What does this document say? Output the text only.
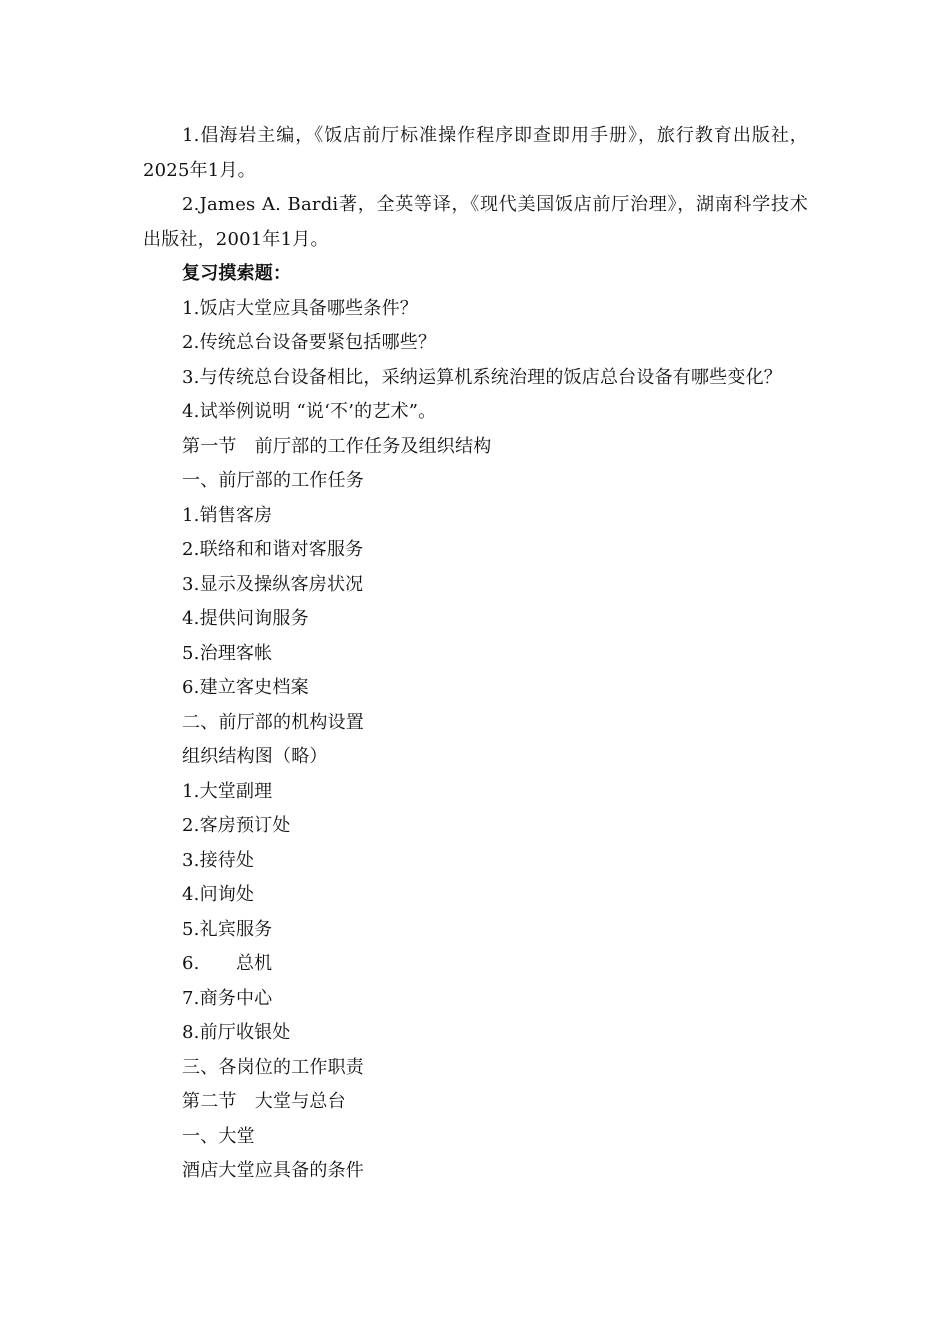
1.倡海岩主编，《饭店前厅标准操作程序即查即用手册》，旅行教育出版社，2025年1月。

2.James A. Bardi著，全英等译，《现代美国饭店前厅治理》，湖南科学技术出版社，2001年1月。

复习摸索题：

1.饭店大堂应具备哪些条件？

2.传统总台设备要紧包括哪些？

3.与传统总台设备相比，采纳运算机系统治理的饭店总台设备有哪些变化？

4.试举例说明 “说‘不’的艺术”。

第一节　前厅部的工作任务及组织结构

一、前厅部的工作任务

1.销售客房

2.联络和和谐对客服务

3.显示及操纵客房状况

4.提供问询服务

5.治理客帐

6.建立客史档案

二、前厅部的机构设置

组织结构图（略）

1.大堂副理

2.客房预订处

3.接待处

4.问询处

5.礼宾服务

6.　　总机

7.商务中心

8.前厅收银处

三、各岗位的工作职责

第二节　大堂与总台

一、大堂

酒店大堂应具备的条件
